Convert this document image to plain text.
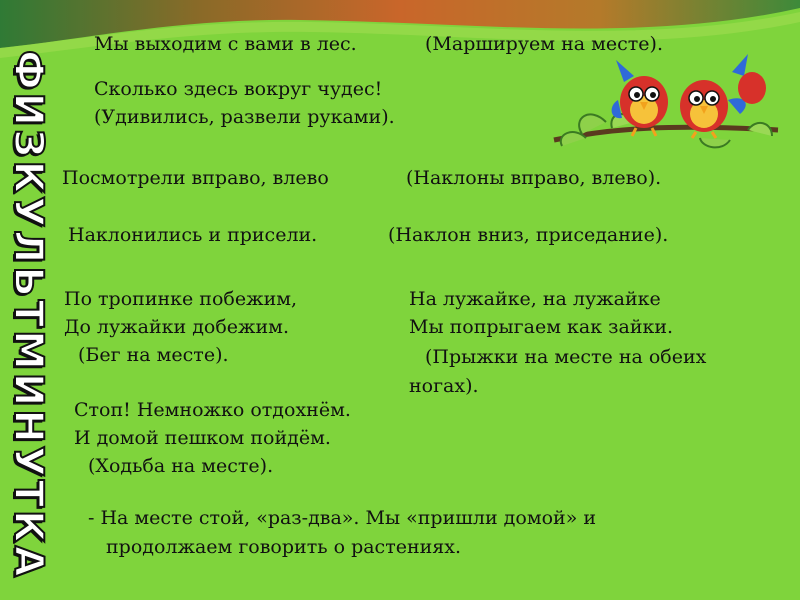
ФИЗКУЛЬТМИНУТКА
Мы выходим с вами в лес.	(Маршируем на месте).
Сколько здесь вокруг чудес!
(Удивились, развели руками).
Посмотрели вправо, влево	(Наклоны вправо, влево).
Наклонились и присели.	(Наклон вниз, приседание).
По тропинке побежим,
До лужайки добежим.
(Бег на месте).
На лужайке, на лужайке
Мы попрыгаем как зайки.
(Прыжки на месте на обеих
ногах).
Стоп! Немножко отдохнём.
И домой пешком пойдём.
(Ходьба на месте).
- На месте стой, «раз-два». Мы «пришли домой» и
продолжаем говорить о растениях.
